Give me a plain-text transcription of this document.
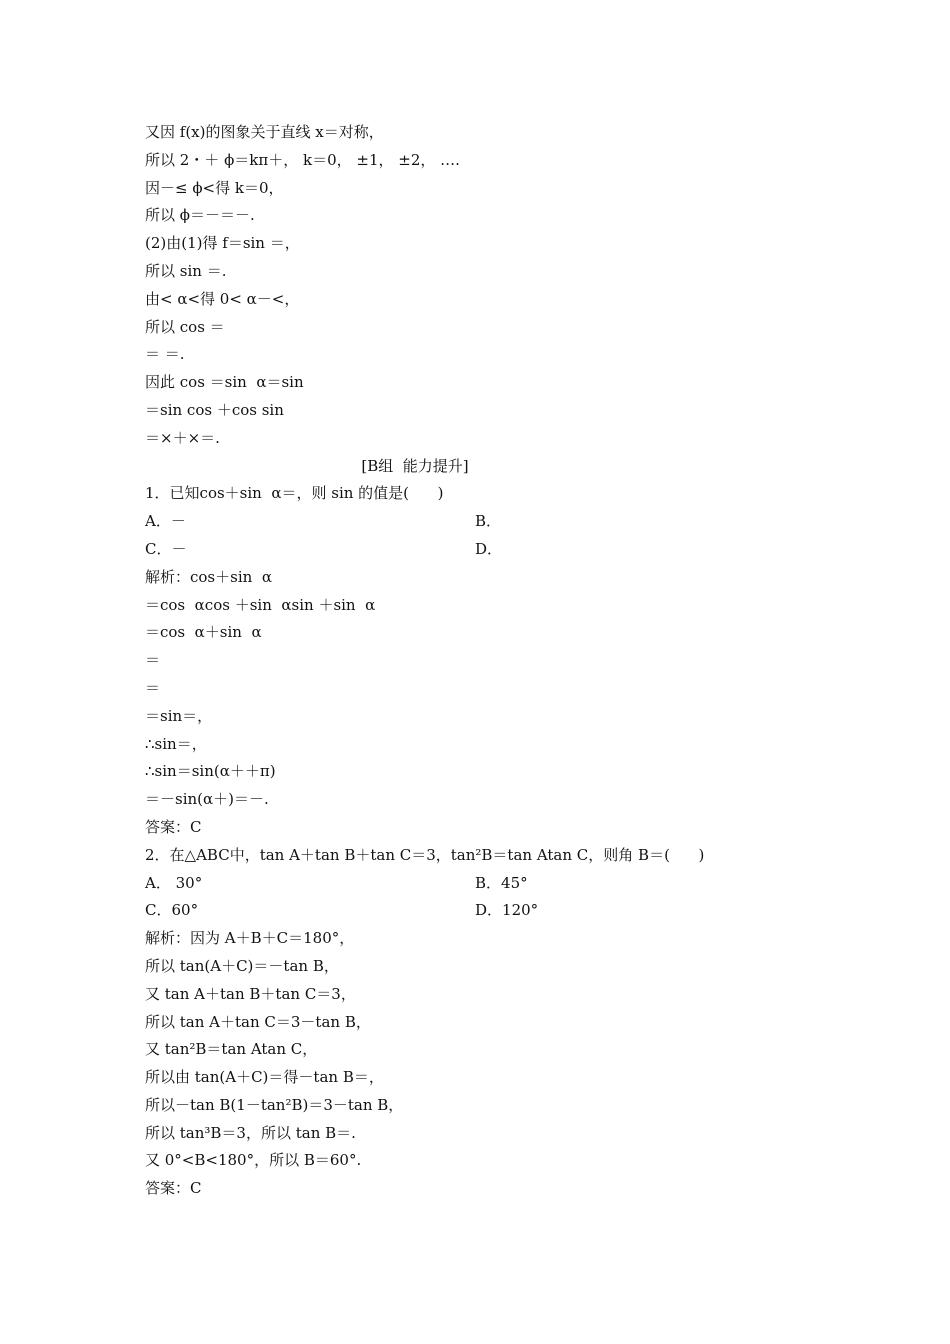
又因 f(x)的图象关于直线 x＝对称，
所以 2・＋ ϕ＝kπ＋， k＝0， ±1， ±2， ….
因－≤ ϕ<得 k＝0，
所以 ϕ＝－＝－.
(2)由(1)得 f＝sin ＝，
所以 sin ＝.
由< α<得 0< α－<，
所以 cos ＝
＝ ＝.
因此 cos ＝sin  α＝sin
＝sin cos ＋cos sin
＝×＋×＝.
[B组  能力提升]
1．已知cos＋sin  α＝，则 sin 的值是(      )
A．－	B．
C．－	D．
解析：cos＋sin  α
＝cos  αcos ＋sin  αsin ＋sin  α
＝cos  α＋sin  α
＝
＝
＝sin＝，
∴sin＝，
∴sin＝sin(α＋＋π)
＝－sin(α＋)＝－.
答案：C
2．在△ABC中，tan A＋tan B＋tan C＝3，tan²B＝tan Atan C，则角 B＝(      )
A． 30°	B．45°
C．60°	D．120°
解析：因为 A＋B＋C＝180°，
所以 tan(A＋C)＝－tan B，
又 tan A＋tan B＋tan C＝3，
所以 tan A＋tan C＝3－tan B，
又 tan²B＝tan Atan C，
所以由 tan(A＋C)＝得－tan B＝，
所以－tan B(1－tan²B)＝3－tan B，
所以 tan³B＝3，所以 tan B＝.
又 0°<B<180°，所以 B＝60°.
答案：C
